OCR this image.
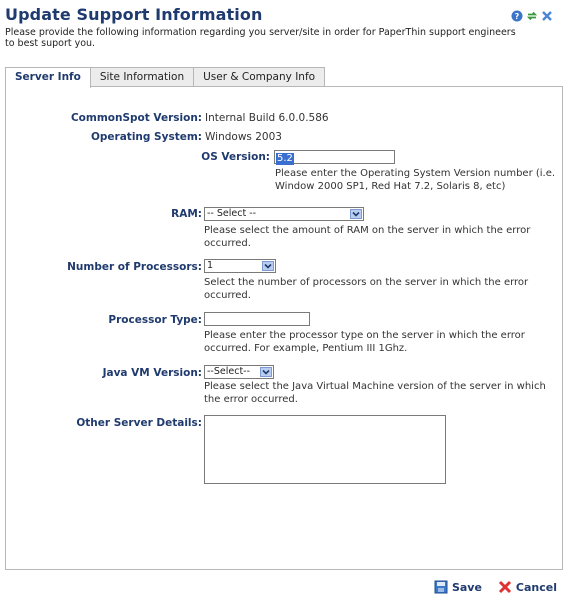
Update Support Information
Please provide the following information regarding you server/site in order for PaperThin support engineers to best suport you.
?
Server Info	Site Information	User & Company Info
CommonSpot Version: Internal Build 6.0.0.586
Operating System: Windows 2003
OS Version: 5.2
Please enter the Operating System Version number (i.e. Window 2000 SP1, Red Hat 7.2, Solaris 8, etc)
RAM: -- Select --
Please select the amount of RAM on the server in which the error occurred.
Number of Processors: 1
Select the number of processors on the server in which the error occurred.
Processor Type:
Please enter the processor type on the server in which the error occurred. For example, Pentium III 1Ghz.
Java VM Version: --Select--
Please select the Java Virtual Machine version of the server in which the error occurred.
Other Server Details:
Save	Cancel
